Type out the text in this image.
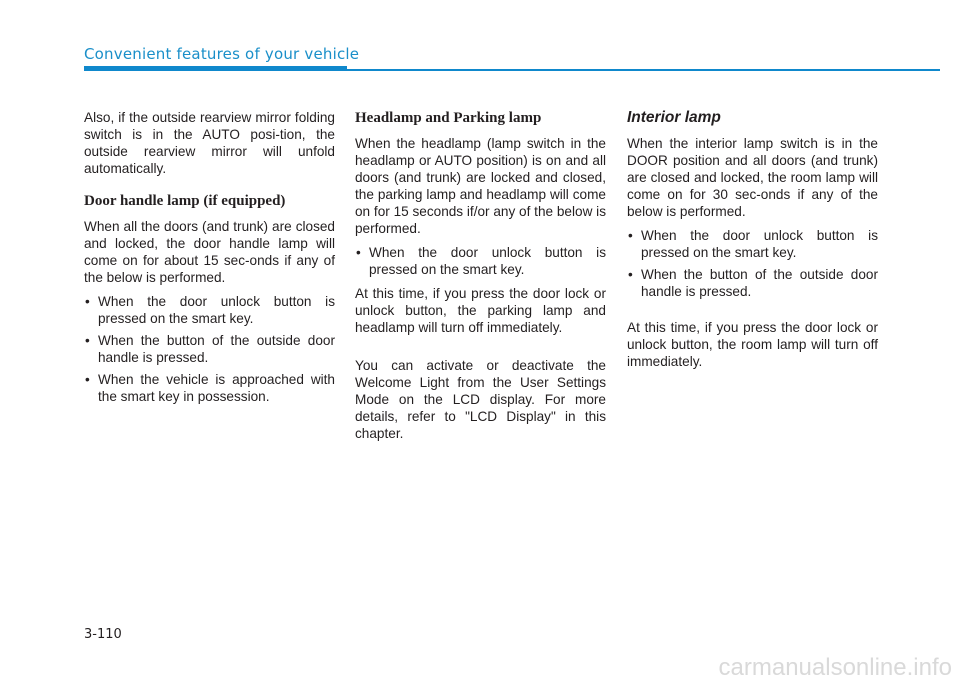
Convenient features of your vehicle

Also, if the outside rearview mirror folding switch is in the AUTO posi-tion, the outside rearview mirror will unfold automatically.

Door handle lamp (if equipped)

When all the doors (and trunk) are closed and locked, the door handle lamp will come on for about 15 sec-onds if any of the below is performed.

• When the door unlock button is pressed on the smart key.
• When the button of the outside door handle is pressed.
• When the vehicle is approached with the smart key in possession.
Headlamp and Parking lamp

When the headlamp (lamp switch in the headlamp or AUTO position) is on and all doors (and trunk) are locked and closed, the parking lamp and headlamp will come on for 15 seconds if/or any of the below is performed.

• When the door unlock button is pressed on the smart key.

At this time, if you press the door lock or unlock button, the parking lamp and headlamp will turn off immediately.

You can activate or deactivate the Welcome Light from the User Settings Mode on the LCD display. For more details, refer to "LCD Display" in this chapter.

Interior lamp

When the interior lamp switch is in the DOOR position and all doors (and trunk) are closed and locked, the room lamp will come on for 30 sec-onds if any of the below is performed.

• When the door unlock button is pressed on the smart key.
• When the button of the outside door handle is pressed.

At this time, if you press the door lock or unlock button, the room lamp will turn off immediately.

3-110
carmanualsonline.info
